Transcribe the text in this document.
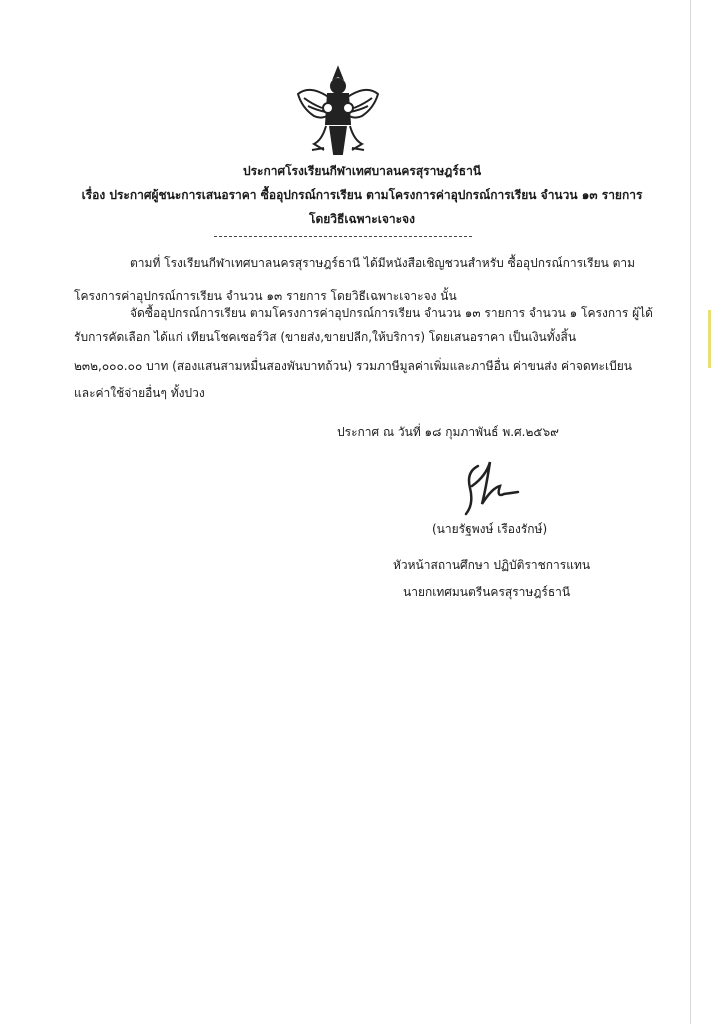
ประกาศโรงเรียนกีฬาเทศบาลนครสุราษฎร์ธานี
เรื่อง ประกาศผู้ชนะการเสนอราคา ซื้ออุปกรณ์การเรียน ตามโครงการค่าอุปกรณ์การเรียน จำนวน ๑๓ รายการ
โดยวิธีเฉพาะเจาะจง
ตามที่ โรงเรียนกีฬาเทศบาลนครสุราษฎร์ธานี ได้มีหนังสือเชิญชวนสำหรับ ซื้ออุปกรณ์การเรียน ตาม
โครงการค่าอุปกรณ์การเรียน จำนวน ๑๓ รายการ โดยวิธีเฉพาะเจาะจง นั้น
จัดซื้ออุปกรณ์การเรียน ตามโครงการค่าอุปกรณ์การเรียน จำนวน ๑๓ รายการ จำนวน ๑ โครงการ ผู้ได้
รับการคัดเลือก ได้แก่ เทียนโชคเซอร์วิส (ขายส่ง,ขายปลีก,ให้บริการ) โดยเสนอราคา เป็นเงินทั้งสิ้น
๒๓๒,๐๐๐.๐๐ บาท (สองแสนสามหมื่นสองพันบาทถ้วน) รวมภาษีมูลค่าเพิ่มและภาษีอื่น ค่าขนส่ง ค่าจดทะเบียน
และค่าใช้จ่ายอื่นๆ ทั้งปวง
ประกาศ ณ วันที่ ๑๘ กุมภาพันธ์ พ.ศ.๒๕๖๙
(นายรัฐพงษ์ เรืองรักษ์)
หัวหน้าสถานศึกษา ปฏิบัติราชการแทน
นายกเทศมนตรีนครสุราษฎร์ธานี
